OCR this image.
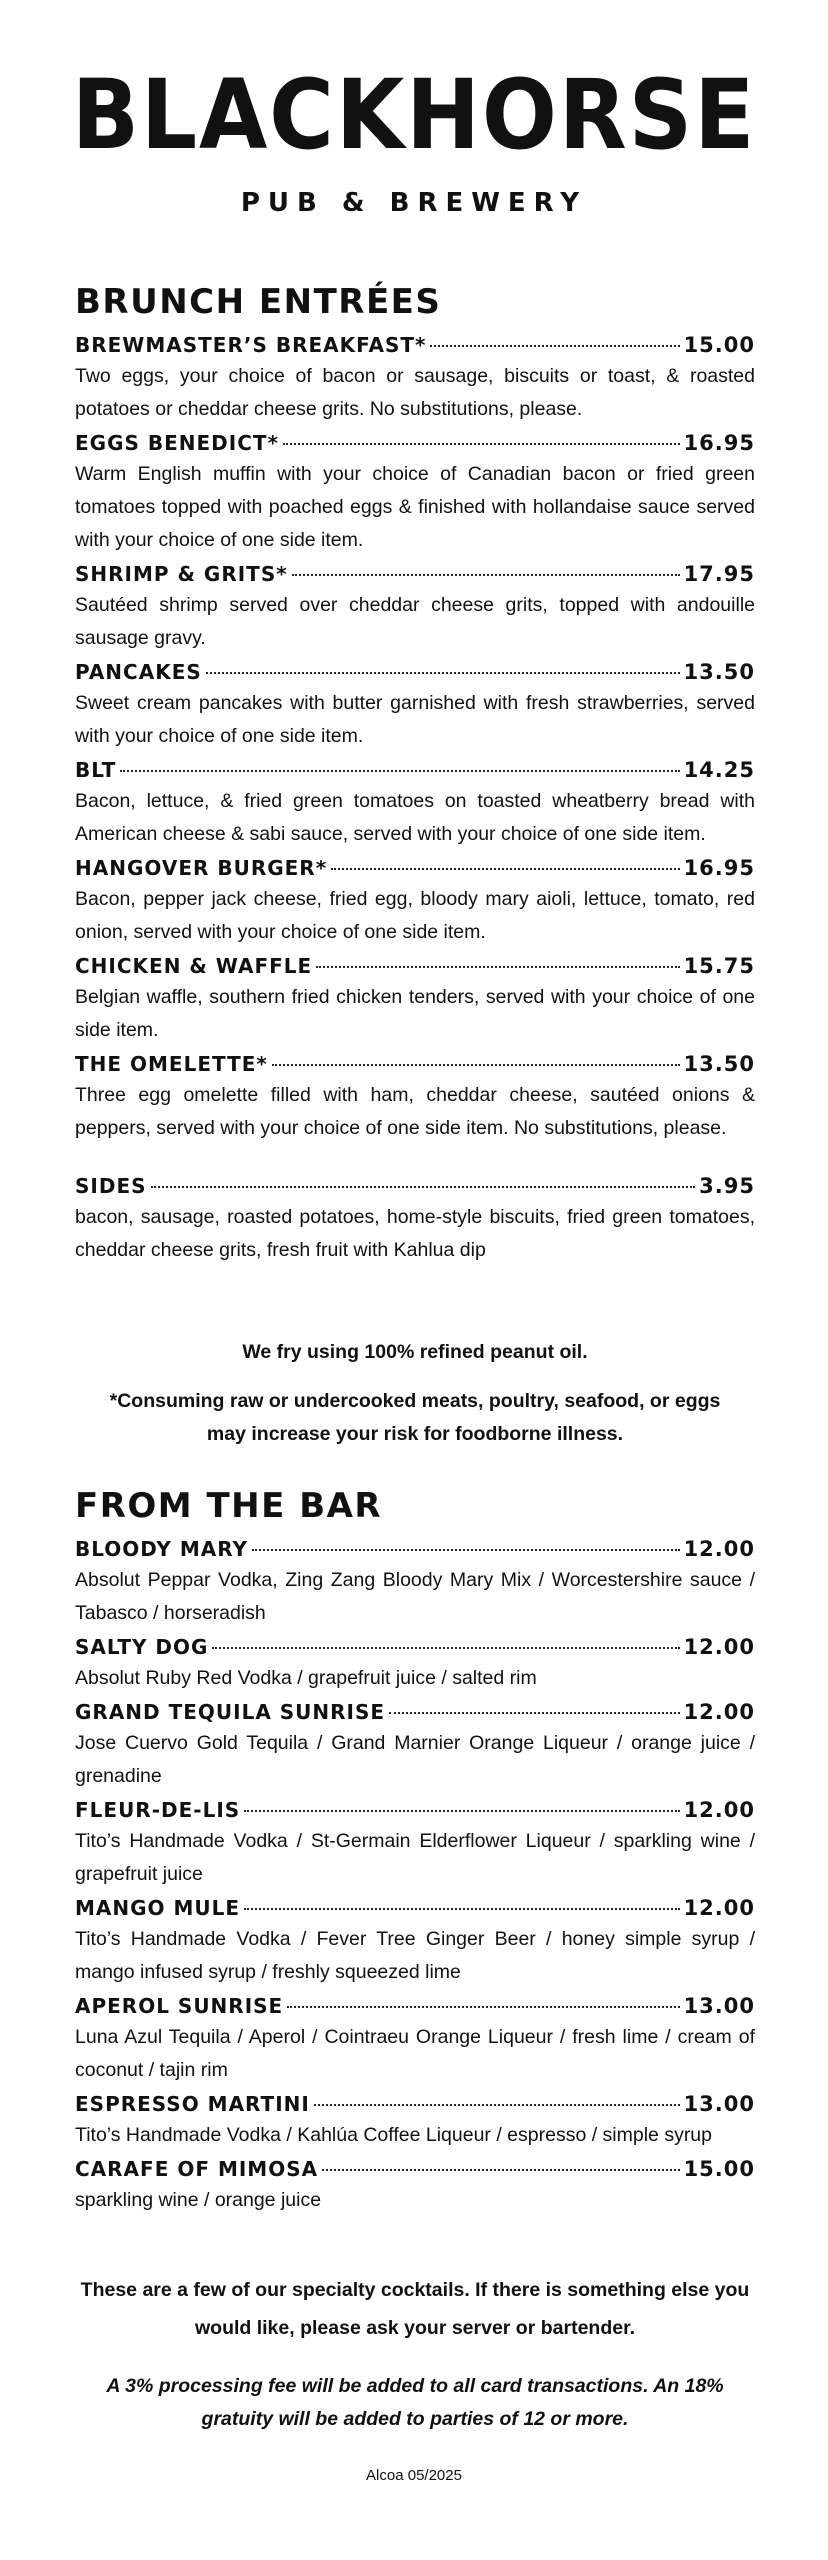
BLACKHORSE
PUB & BREWERY
BRUNCH ENTRÉES
BREWMASTER’S BREAKFAST*	15.00
Two eggs, your choice of bacon or sausage, biscuits or toast, & roasted potatoes or cheddar cheese grits. No substitutions, please.
EGGS BENEDICT*	16.95
Warm English muffin with your choice of Canadian bacon or fried green tomatoes topped with poached eggs & finished with hollandaise sauce served with your choice of one side item.
SHRIMP & GRITS*	17.95
Sautéed shrimp served over cheddar cheese grits, topped with andouille sausage gravy.
PANCAKES	13.50
Sweet cream pancakes with butter garnished with fresh strawberries, served with your choice of one side item.
BLT	14.25
Bacon, lettuce, & fried green tomatoes on toasted wheatberry bread with American cheese & sabi sauce, served with your choice of one side item.
HANGOVER BURGER*	16.95
Bacon, pepper jack cheese, fried egg, bloody mary aioli, lettuce, tomato, red onion, served with your choice of one side item.
CHICKEN & WAFFLE	15.75
Belgian waffle, southern fried chicken tenders, served with your choice of one side item.
THE OMELETTE*	13.50
Three egg omelette filled with ham, cheddar cheese, sautéed onions & peppers, served with your choice of one side item. No substitutions, please.
SIDES	3.95
bacon, sausage, roasted potatoes, home-style biscuits, fried green tomatoes, cheddar cheese grits, fresh fruit with Kahlua dip
We fry using 100% refined peanut oil.
*Consuming raw or undercooked meats, poultry, seafood, or eggs may increase your risk for foodborne illness.
FROM THE BAR
BLOODY MARY	12.00
Absolut Peppar Vodka, Zing Zang Bloody Mary Mix / Worcestershire sauce / Tabasco / horseradish
SALTY DOG	12.00
Absolut Ruby Red Vodka / grapefruit juice / salted rim
GRAND TEQUILA SUNRISE	12.00
Jose Cuervo Gold Tequila / Grand Marnier Orange Liqueur / orange juice / grenadine
FLEUR-DE-LIS	12.00
Tito’s Handmade Vodka / St-Germain Elderflower Liqueur / sparkling wine / grapefruit juice
MANGO MULE	12.00
Tito’s Handmade Vodka / Fever Tree Ginger Beer / honey simple syrup / mango infused syrup / freshly squeezed lime
APEROL SUNRISE	13.00
Luna Azul Tequila / Aperol / Cointraeu Orange Liqueur / fresh lime / cream of coconut / tajin rim
ESPRESSO MARTINI	13.00
Tito’s Handmade Vodka / Kahlúa Coffee Liqueur / espresso / simple syrup
CARAFE OF MIMOSA	15.00
sparkling wine / orange juice
These are a few of our specialty cocktails. If there is something else you would like, please ask your server or bartender.
A 3% processing fee will be added to all card transactions. An 18% gratuity will be added to parties of 12 or more.
Alcoa 05/2025
